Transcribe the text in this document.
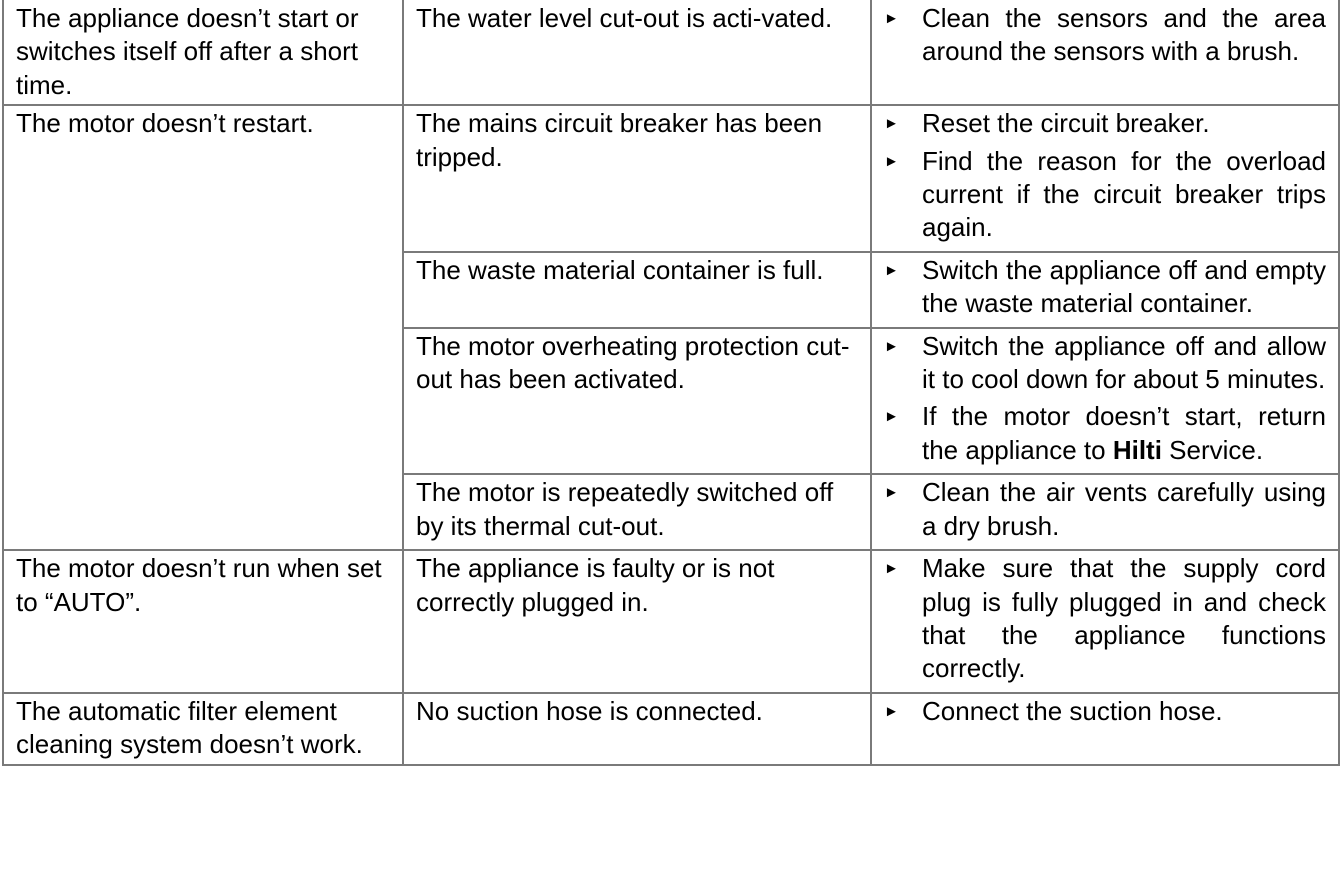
The appliance doesn’t start or switches itself off after a short time.	The water level cut-out is acti-vated.	► Clean the sensors and the area around the sensors with a brush.

The motor doesn’t restart.	The mains circuit breaker has been tripped.	► Reset the circuit breaker.
► Find the reason for the overload current if the circuit breaker trips again.

	The waste material container is full.	► Switch the appliance off and empty the waste material container.

	The motor overheating protection cut-out has been activated.	► Switch the appliance off and allow it to cool down for about 5 minutes.
► If the motor doesn’t start, return the appliance to Hilti Service.

	The motor is repeatedly switched off by its thermal cut-out.	► Clean the air vents carefully using a dry brush.

The motor doesn’t run when set to “AUTO”.	The appliance is faulty or is not correctly plugged in.	► Make sure that the supply cord plug is fully plugged in and check that the appliance functions correctly.

The automatic filter element cleaning system doesn’t work.	No suction hose is connected.	► Connect the suction hose.
